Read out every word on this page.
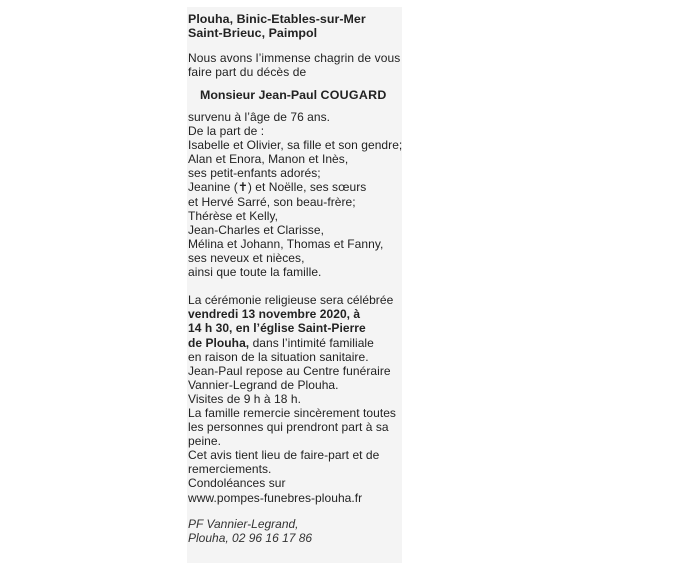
Plouha, Binic-Etables-sur-Mer
Saint-Brieuc, Paimpol
Nous avons l’immense chagrin de vous
faire part du décès de
Monsieur Jean-Paul COUGARD
survenu à l’âge de 76 ans.
De la part de :
Isabelle et Olivier, sa fille et son gendre;
Alan et Enora, Manon et Inès,
ses petit-enfants adorés;
Jeanine (✝) et Noëlle, ses sœurs
et Hervé Sarré, son beau-frère;
Thérèse et Kelly,
Jean-Charles et Clarisse,
Mélina et Johann, Thomas et Fanny,
ses neveux et nièces,
ainsi que toute la famille.
La cérémonie religieuse sera célébrée
vendredi 13 novembre 2020, à
14 h 30, en l’église Saint-Pierre
de Plouha, dans l’intimité familiale
en raison de la situation sanitaire.
Jean-Paul repose au Centre funéraire
Vannier-Legrand de Plouha.
Visites de 9 h à 18 h.
La famille remercie sincèrement toutes
les personnes qui prendront part à sa
peine.
Cet avis tient lieu de faire-part et de
remerciements.
Condoléances sur
www.pompes-funebres-plouha.fr
PF Vannier-Legrand,
Plouha, 02 96 16 17 86
